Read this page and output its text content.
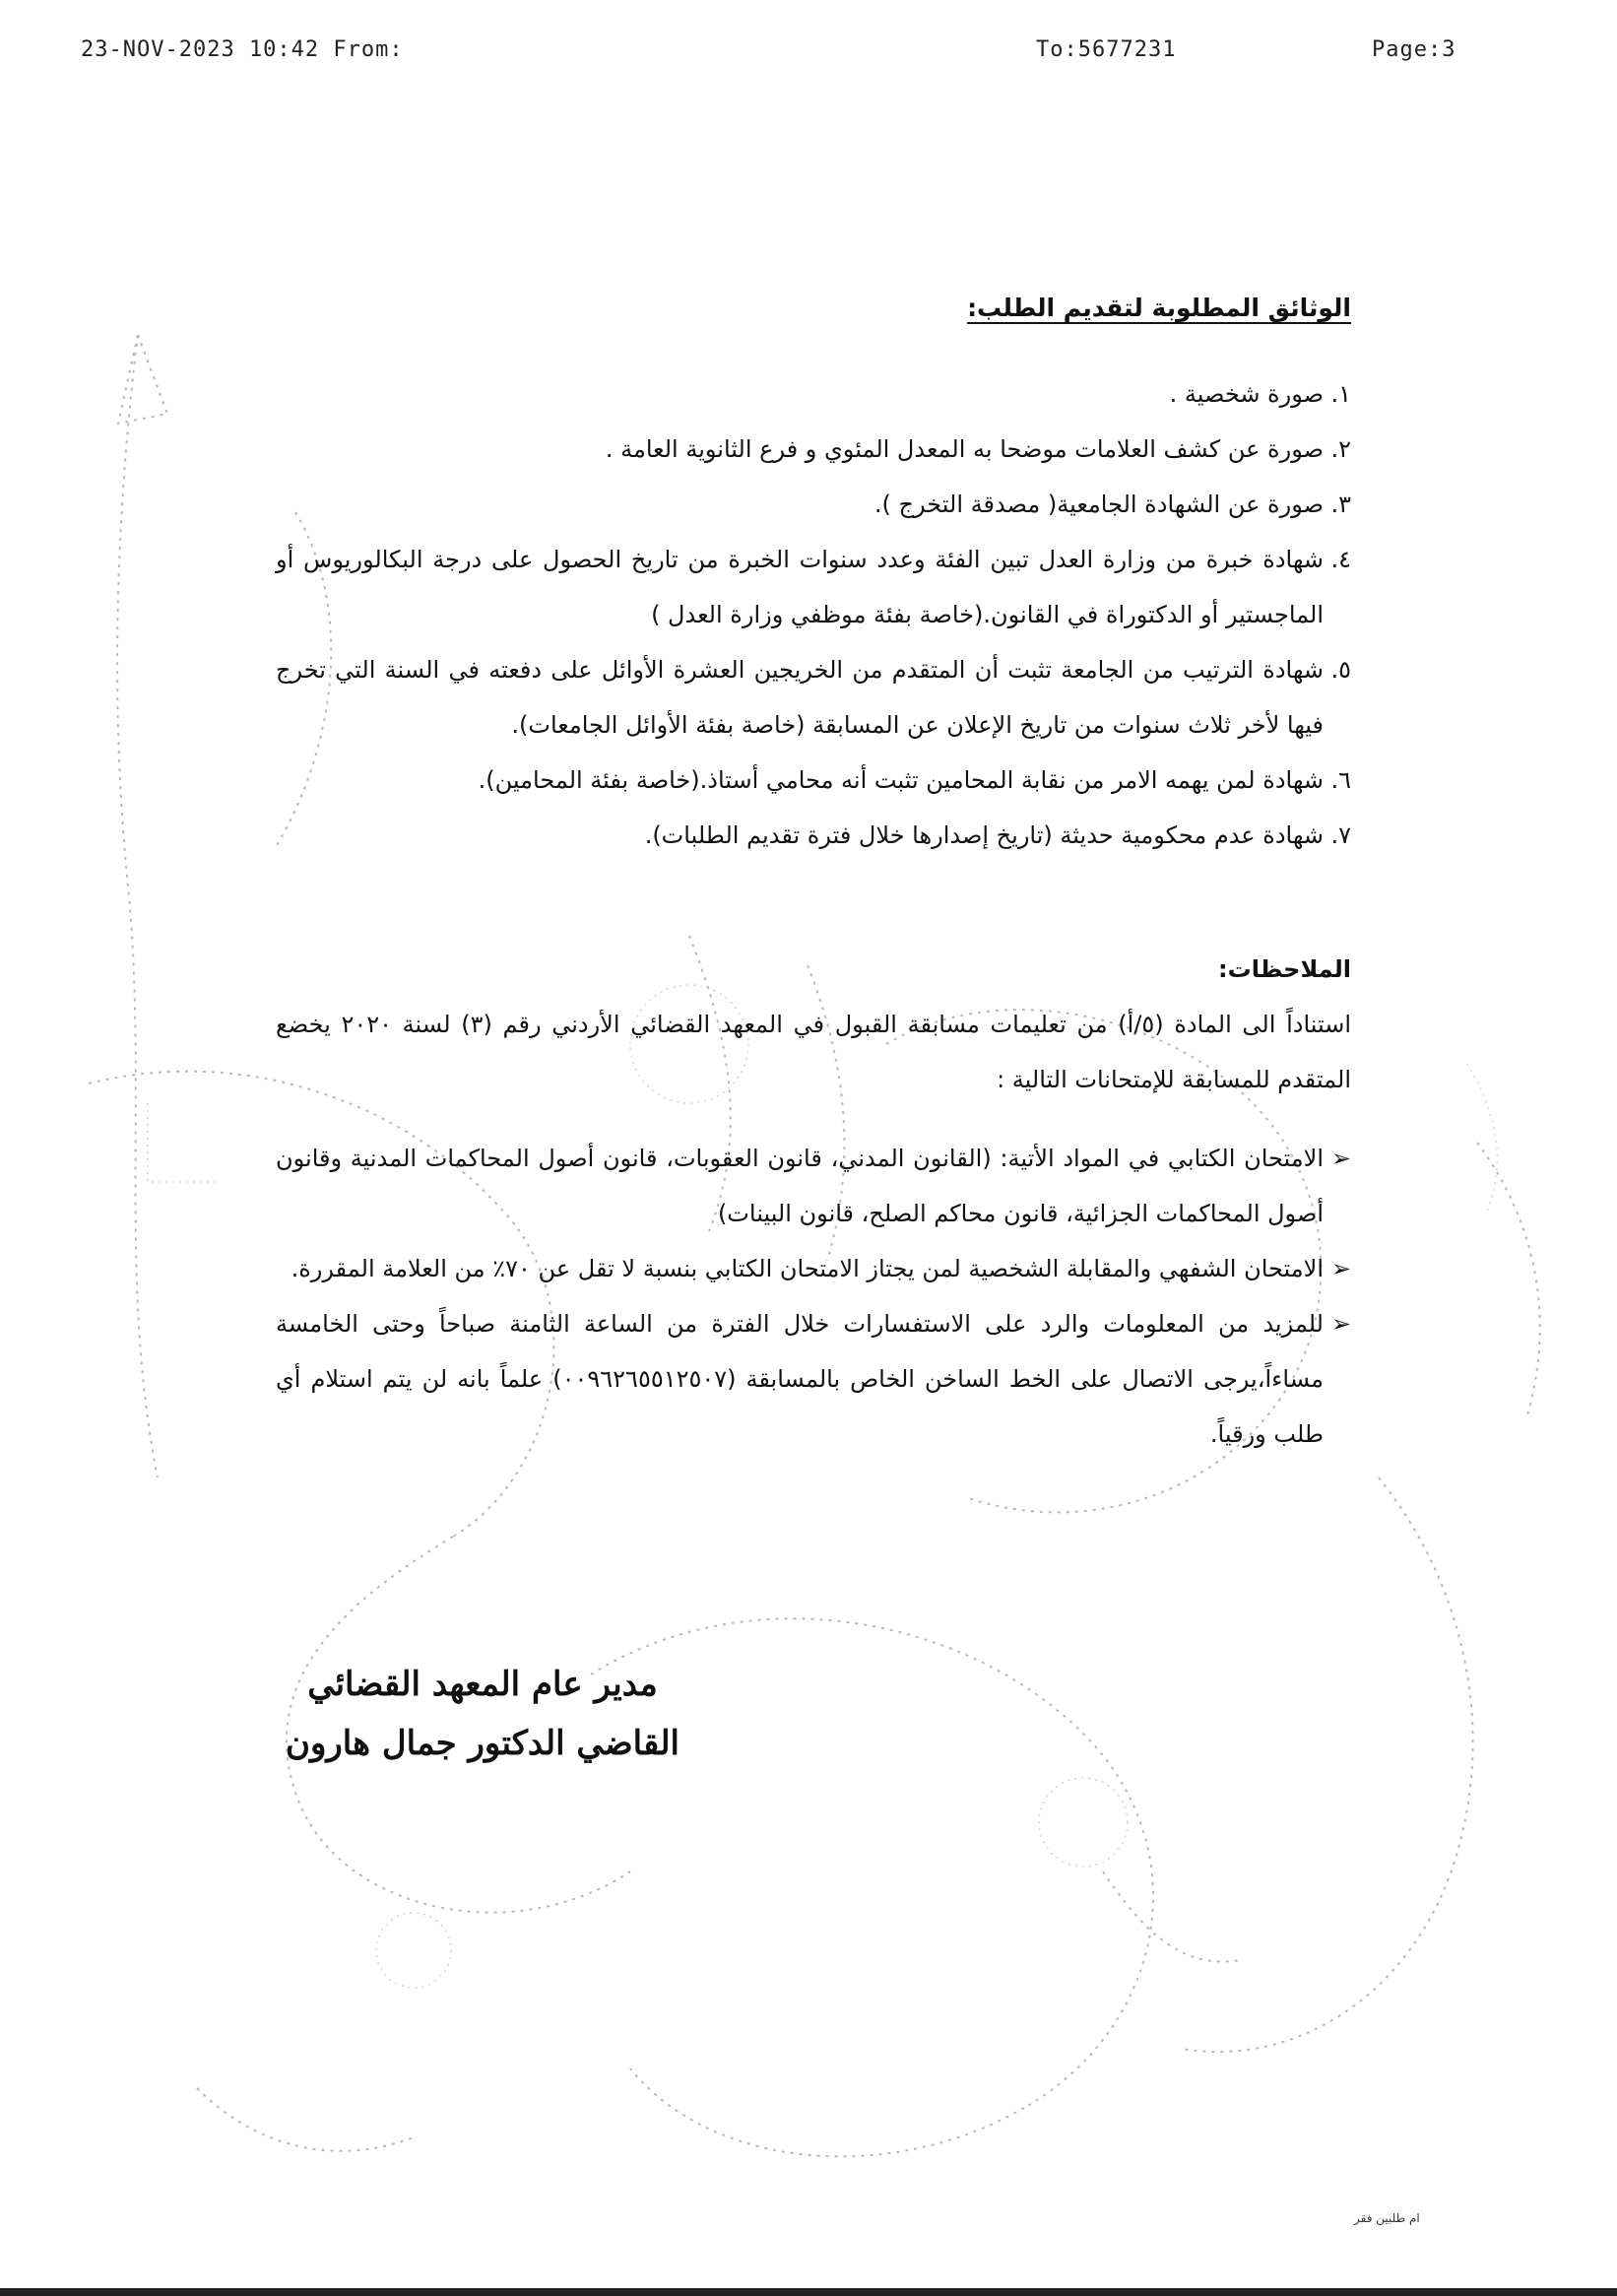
23-NOV-2023 10:42 From:	To:5677231	Page:3
الوثائق المطلوبة لتقديم الطلب:
١.
صورة شخصية .
٢.
صورة عن كشف العلامات موضحا به المعدل المئوي و فرع الثانوية العامة .
٣.
صورة عن الشهادة الجامعية( مصدقة التخرج ).
٤.
شهادة خبرة من وزارة العدل تبين الفئة وعدد سنوات الخبرة من تاريخ الحصول على درجة البكالوريوس أو الماجستير أو الدكتوراة في القانون.(خاصة بفئة موظفي وزارة العدل )
٥.
شهادة الترتيب من الجامعة تثبت أن المتقدم من الخريجين العشرة الأوائل على دفعته في السنة التي تخرج فيها لأخر ثلاث سنوات من تاريخ الإعلان عن المسابقة (خاصة بفئة الأوائل الجامعات).
٦.
شهادة لمن يهمه الامر من نقابة المحامين تثبت أنه محامي أستاذ.(خاصة بفئة المحامين).
٧.
شهادة عدم محكومية حديثة (تاريخ إصدارها خلال فترة تقديم الطلبات).
الملاحظات:
استناداً الى المادة (٥/أ) من تعليمات مسابقة القبول في المعهد القضائي الأردني رقم (٣) لسنة ٢٠٢٠ يخضع المتقدم للمسابقة للإمتحانات التالية :
➢
الامتحان الكتابي في المواد الأتية: (القانون المدني، قانون العقوبات، قانون أصول المحاكمات المدنية وقانون أصول المحاكمات الجزائية، قانون محاكم الصلح، قانون البينات)
➢
الامتحان الشفهي والمقابلة الشخصية لمن يجتاز الامتحان الكتابي بنسبة لا تقل عن ٧٠٪ من العلامة المقررة.
➢
للمزيد من المعلومات والرد على الاستفسارات خلال الفترة من الساعة الثامنة صباحاً وحتى الخامسة مساءاً،يرجى الاتصال على الخط الساخن الخاص بالمسابقة (٠٠٩٦٢٦٥٥١٢٥٠٧) علماً بانه لن يتم استلام أي طلب ورقياً.
مدير عام المعهد القضائي
القاضي الدكتور جمال هارون
ام طلبين فقر
